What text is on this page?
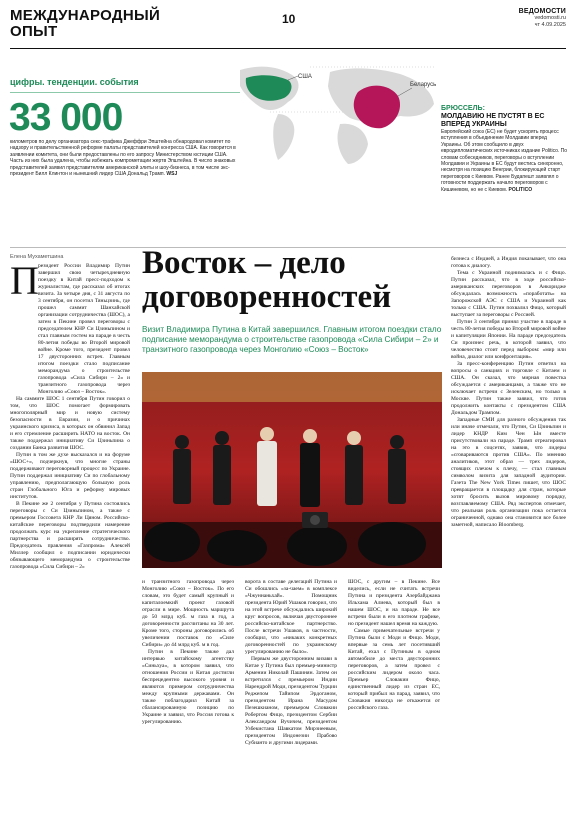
МЕЖДУНАРОДНЫЙ ОПЫТ
10
ВЕДОМОСТИ
vedomosti.ru
чт 4.09.2025
цифры. тенденции. события
33 000
километров по делу организатора секс-трафика Джеффри Эпштейна обнародовал комитет по надзору и правительственной реформе палаты представителей конгресса США. Как говорится в заявлении комитета, они были предоставлены по его запросу Министерством юстиции США. Часть из них была удалена, чтобы избежать компрометации жертв Эпштейна. В число знаковых представителей заявил представителям американской элиты и шоу-бизнеса, в том числе экс-президент Билл Клинтон и нынешний лидер США Дональд Трамп. WSJ
США
Беларусь
БРЮССЕЛЬ:
МОЛДАВИЮ НЕ ПУСТЯТ В ЕС ВПЕРЕД УКРАИНЫ
Европейский союз (ЕС) не будет ускорять процесс вступления в объединение Молдавии вперед Украины. Об этом сообщило в двух евродипломатических источниках издание Politico. По словам собеседников, переговоры о вступлении Молдавии и Украины в ЕС будут вестись синхронно, несмотря на позицию Венгрии, блокирующей старт переговоров с Киевом. Ранее Будапешт заявлял о готовности поддержать начало переговоров с Кишиневом, но не с Киевом. POLITICO
Елена Мухаметшина
П резидент России Владимир Путин завершил свою четырехдневную поездку в Китай пресс-подходом к журналистам, где рассказал об итогах визита. За четыре дня, с 31 августа по 3 сентября, он посетил Тяньцзинь, где прошел саммит Шанхайской организации сотрудничества (ШОС), а затем в Пекине провел переговоры с председателем КНР Си Цзиньпином и стал главным гостем на параде в честь 80-летия победы во Второй мировой войне. Кроме того, президент провел 17 двусторонних встреч. Главным итогом поездки стало подписание меморандума о строительстве газопровода «Сила Сибири – 2» и транзитного газопровода через Монголию «Союз – Восток».

На саммите ШОС 1 сентября Путин говорил о том, что ШОС помогает формировать многополярный мир и новую систему безопасности в Евразии, и о причинах украинского кризиса, в которых он обвинил Запад и его стремление расширить НАТО на восток. Он также поддержал инициативу Си Цзиньпина о создании Банка развития ШОС.

Путин в том же духе высказался и на форуме «ШОС+», подчеркнув, что многие страны поддерживают переговорный процесс по Украине. Путин поддержал инициативу Си по глобальному управлению, предполагающую большую роль стран Глобального Юга и реформу мировых институтов.

В Пекине же 2 сентября у Путина состоялись переговоры с Си Цзиньпином, а также с премьером Госсовета КНР Ли Цяном. Российско-китайские переговоры подтвердили намерение продолжать курс на укрепление стратегического партнерства и расширять сотрудничество. Председатель правления «Газпрома» Алексей Миллер сообщил о подписании юридически обязывающего меморандума о строительстве газопровода «Сила Сибири – 2»

Восток – дело договоренностей
Визит Владимира Путина в Китай завершился. Главным итогом поездки стало подписание меморандума о строительстве газопровода «Сила Сибири – 2» и транзитного газопровода через Монголию «Союз – Восток»

и транзитного газопровода через Монголию «Союз – Восток». По его словам, это будет самый крупный и капиталоемкий проект газовой отрасли в мире. Мощность маршрута до 50 млрд куб. м газа в год, а договоренности рассчитаны на 30 лет. Кроме того, стороны договорились об увеличении поставок по «Силе Сибири» до 44 млрд куб. м в год.

Путин в Пекине также дал интервью китайскому агентству «Синьхуа», в котором заявил, что отношения России и Китая достигли беспрецедентно высокого уровня и являются примером сотрудничества между крупными державами. Он также поблагодарил Китай за сбалансированную позицию по Украине и заявил, что Россия готова к урегулированию.

ворота в составе делегаций Путина и Си обошлись «за-чаем» в комплексе «Чжуннаньхай». Помощник президента Юрий Ушаков говорил, что на этой встрече обсуждались широкий круг вопросов, включая двустороннее российско-китайское партнерство. После встречи Ушаков, в частности, сообщил, что «никаких конкретных договоренностей по украинскому урегулированию не было».

Первым же двусторонним визави в Китае у Путина был премьер-министр Армении Николай Пашинян. Затем он встретился с премьером Индии Нарендрой Моди, президентом Турции Реджепом Тайипом Эрдоганом, президентом Ирана Масудом Пезешкианом, премьером Словакии Робертом Фицо, президентом Сербии Александром Вучичем, президентом Узбекистана Шавкатом Мирзиеевым, президентом Индонезии Прабово Субианто и другими лидерами.

ШОС, с другим – в Пекине. Все виделись, если не считать встречи Путина и президента Азербайджана Ильхама Алиева, который был в нашем ШОС, и на параде. Не все встречи были в его плотном графике, но президент нашел время на каждую.

Самые примечательные встречи у Путина были с Моди и Фицо. Моди, впервые за семь лет посетивший Китай, ехал с Путиным в одном автомобиле до места двусторонних переговоров, а затем провел с российским лидером около часа. Премьер Словакии Фицо, единственный лидер из стран ЕС, который прибыл на парад, заявил, что Словакия никогда не откажется от российского газа.

бизнеса с Индией, а Индия показывает, что она готова к диалогу.

Тема с Украиной поднималась и с Фицо. Путин рассказал, что в ходе российско-американских переговоров в Анкоридже обсуждалась возможность «поработать» на Запорожской АЭС с США и Украиной как только с США. Путин похвалил Фицо, который выступает за переговоры с Россией.

Путин 3 сентября принял участие в параде в честь 80-летия победы во Второй мировой войне и капитуляции Японии. На параде председатель Си произнес речь, в которой заявил, что человечество стоит перед выбором: «мир или война, диалог или конфронтация».

За пресс-конференцию Путин ответил на вопросы о санкциях и торговле с Китаем и США. Он сказал, что мирная повестка обсуждается с американцами, а также что не исключает встречи с Зеленским, но только в Москве. Путин также заявил, что готов продолжить контакты с президентом США Дональдом Трампом.

Западные СМИ для разного обсуждения так или иначе отмечали, что Путин, Си Цзиньпин и лидер КНДР Ким Чен Ын вместе присутствовали на параде. Трамп отреагировал на это в соцсетях, заявив, что лидеры «сговариваются против США». По мнению аналитиков, этот образ — трех лидеров, стоящих плечом к плечу, — стал главным символом визита для западной аудитории. Газета The New York Times пишет, что ШОС превращается в площадку для стран, которые хотят бросить вызов мировому порядку, возглавляемому США. Ряд экспертов отмечает, что реальная роль организации пока остается ограниченной, однако она становится все более заметной, написало Bloomberg.
